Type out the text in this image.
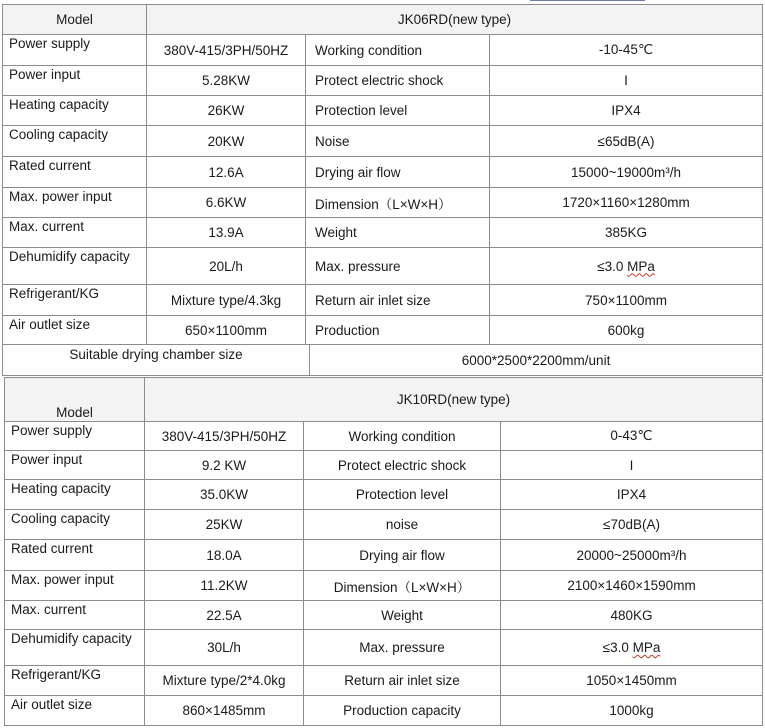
Model	JK06RD(new type)			
Power supply	380V-415/3PH/50HZ	Working condition		-10-45℃
Power input	5.28KW	Protect electric shock		I
Heating capacity	26KW	Protection level		IPX4
Cooling capacity	20KW	Noise		≤65dB(A)
Rated current	12.6A	Drying air flow		15000~19000m³/h
Max. power input	6.6KW	Dimension（L×W×H）		1720×1160×1280mm
Max. current	13.9A	Weight		385KG
Dehumidify capacity	20L/h	Max. pressure		≤3.0 MPa
Refrigerant/KG	Mixture type/4.3kg	Return air inlet size		750×1100mm
Air outlet size	650×1100mm	Production		600kg
Suitable drying chamber size			6000*2500*2200mm/unit	
Model	JK10RD(new type)		
Power supply	380V-415/3PH/50HZ	Working condition	0-43℃
Power input	9.2 KW	Protect electric shock	I
Heating capacity	35.0KW	Protection level	IPX4
Cooling capacity	25KW	noise	≤70dB(A)
Rated current	18.0A	Drying air flow	20000~25000m³/h
Max. power input	11.2KW	Dimension（L×W×H）	2100×1460×1590mm
Max. current	22.5A	Weight	480KG
Dehumidify capacity	30L/h	Max. pressure	≤3.0 MPa
Refrigerant/KG	Mixture type/2*4.0kg	Return air inlet size	1050×1450mm
Air outlet size	860×1485mm	Production capacity	1000kg
